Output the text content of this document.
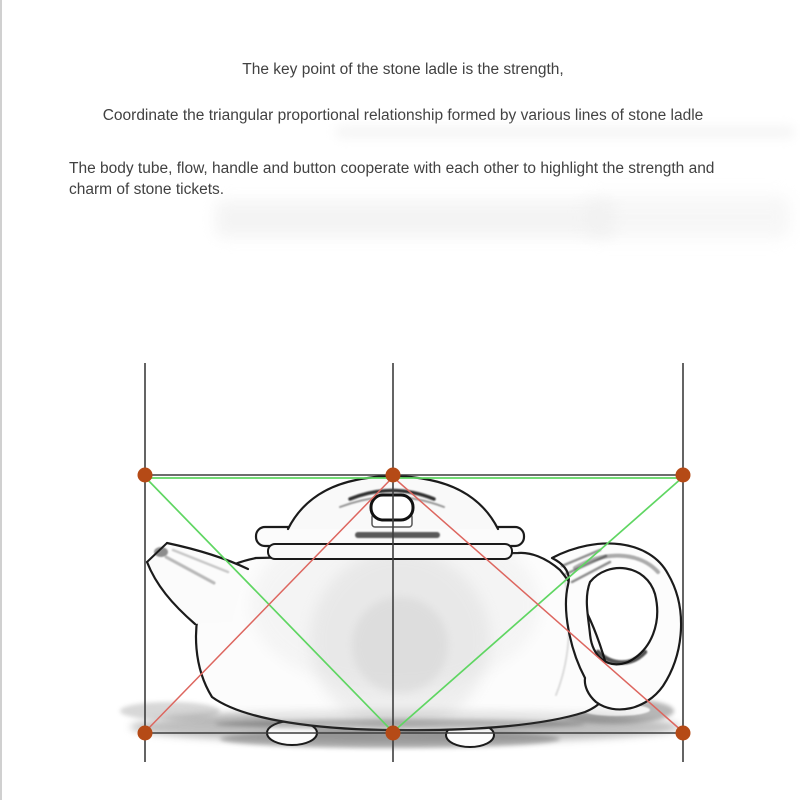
The key point of the stone ladle is the strength,
Coordinate the triangular proportional relationship formed by various lines of stone ladle
The body tube, flow, handle and button cooperate with each other to highlight the strength and charm of stone tickets.
